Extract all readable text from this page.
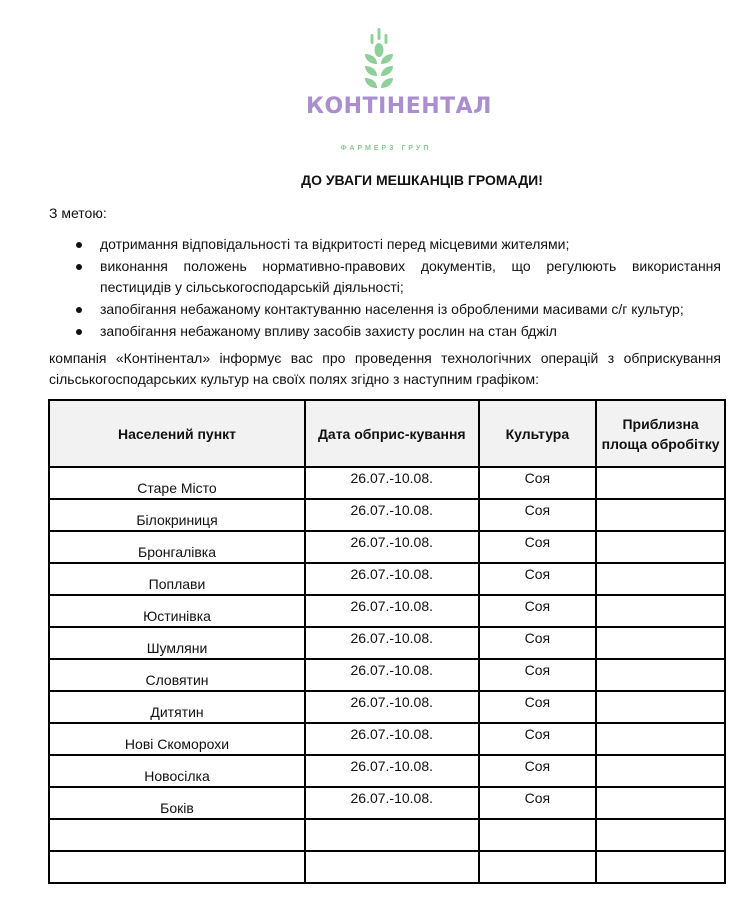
КОНТІНЕНТАЛ
ФАРМЕРЗ ГРУП
ДО УВАГИ МЕШКАНЦІВ ГРОМАДИ!
З метою:
дотримання відповідальності та відкритості перед місцевими жителями;
виконання положень нормативно-правових документів, що регулюють використання пестицидів у сільськогосподарській діяльності;
запобігання небажаному контактуванню населення із обробленими масивами с/г культур;
запобігання небажаному впливу засобів захисту рослин на стан бджіл
компанія «Контінентал» інформує вас про проведення технологічних операцій з обприскування сільськогосподарських культур на своїх полях згідно з наступним графіком:
Населений пункт	Дата обприс-кування	Культура	Приблизна площа обробітку
Старе Місто	26.07.-10.08.	Соя	
Білокриниця	26.07.-10.08.	Соя	
Бронгалівка	26.07.-10.08.	Соя	
Поплави	26.07.-10.08.	Соя	
Юстинівка	26.07.-10.08.	Соя	
Шумляни	26.07.-10.08.	Соя	
Словятин	26.07.-10.08.	Соя	
Дитятин	26.07.-10.08.	Соя	
Нові Скоморохи	26.07.-10.08.	Соя	
Новосілка	26.07.-10.08.	Соя	
Боків	26.07.-10.08.	Соя	
